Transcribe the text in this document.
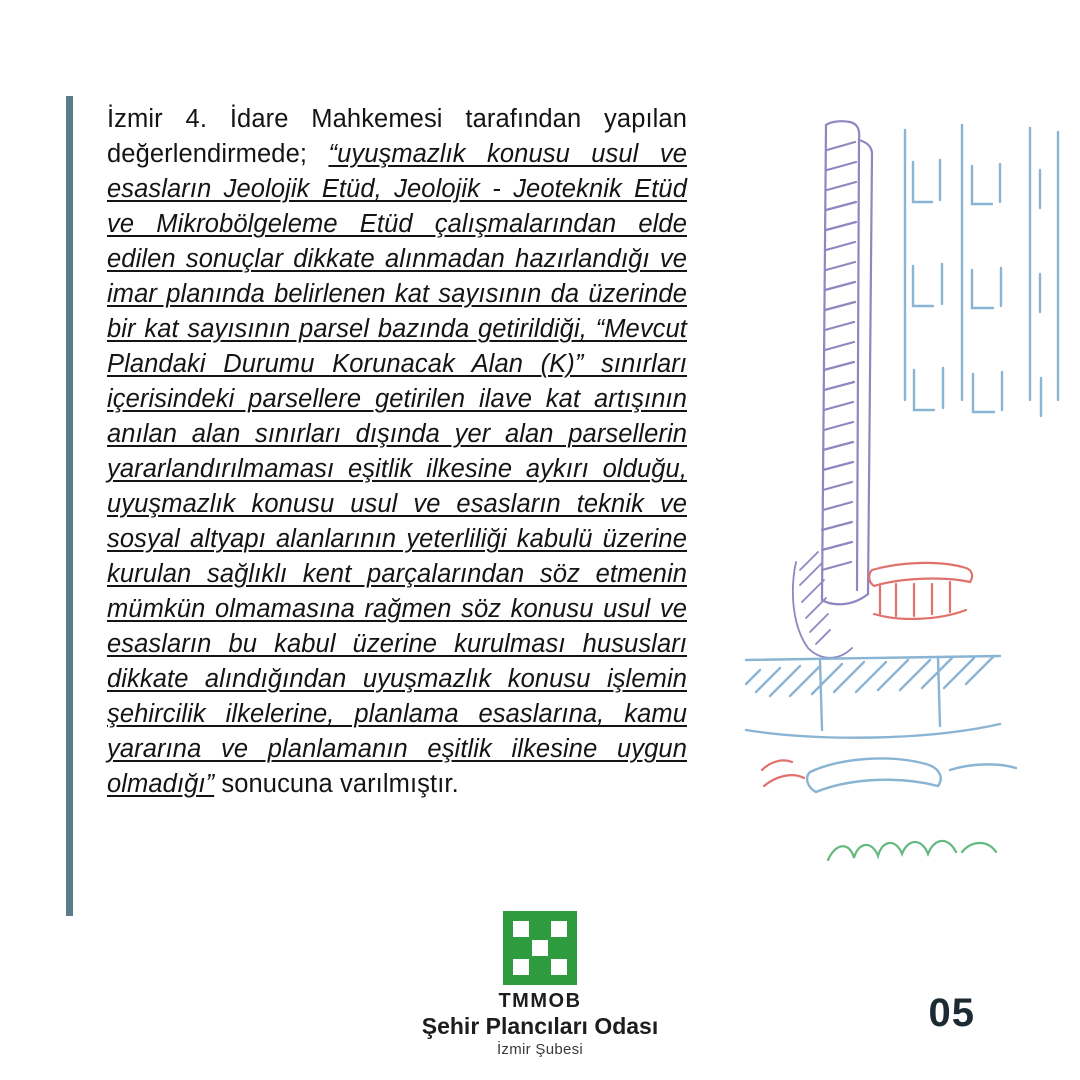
İzmir 4. İdare Mahkemesi tarafından yapılan değerlendirmede; “uyuşmazlık konusu usul ve esasların Jeolojik Etüd, Jeolojik - Jeoteknik Etüd ve Mikrobölgeleme Etüd çalışmalarından elde edilen sonuçlar dikkate alınmadan hazırlandığı ve imar planında belirlenen kat sayısının da üzerinde bir kat sayısının parsel bazında getirildiği, “Mevcut Plandaki Durumu Korunacak Alan (K)” sınırları içerisindeki parsellere getirilen ilave kat artışının anılan alan sınırları dışında yer alan parsellerin yararlandırılmaması eşitlik ilkesine aykırı olduğu, uyuşmazlık konusu usul ve esasların teknik ve sosyal altyapı alanlarının yeterliliği kabulü üzerine kurulan sağlıklı kent parçalarından söz etmenin mümkün olmamasına rağmen söz konusu usul ve esasların bu kabul üzerine kurulması hususları dikkate alındığından uyuşmazlık konusu işlemin şehircilik ilkelerine, planlama esaslarına, kamu yararına ve planlamanın eşitlik ilkesine uygun olmadığı” sonucuna varılmıştır.
TMMOB
Şehir Plancıları Odası
İzmir Şubesi
05
